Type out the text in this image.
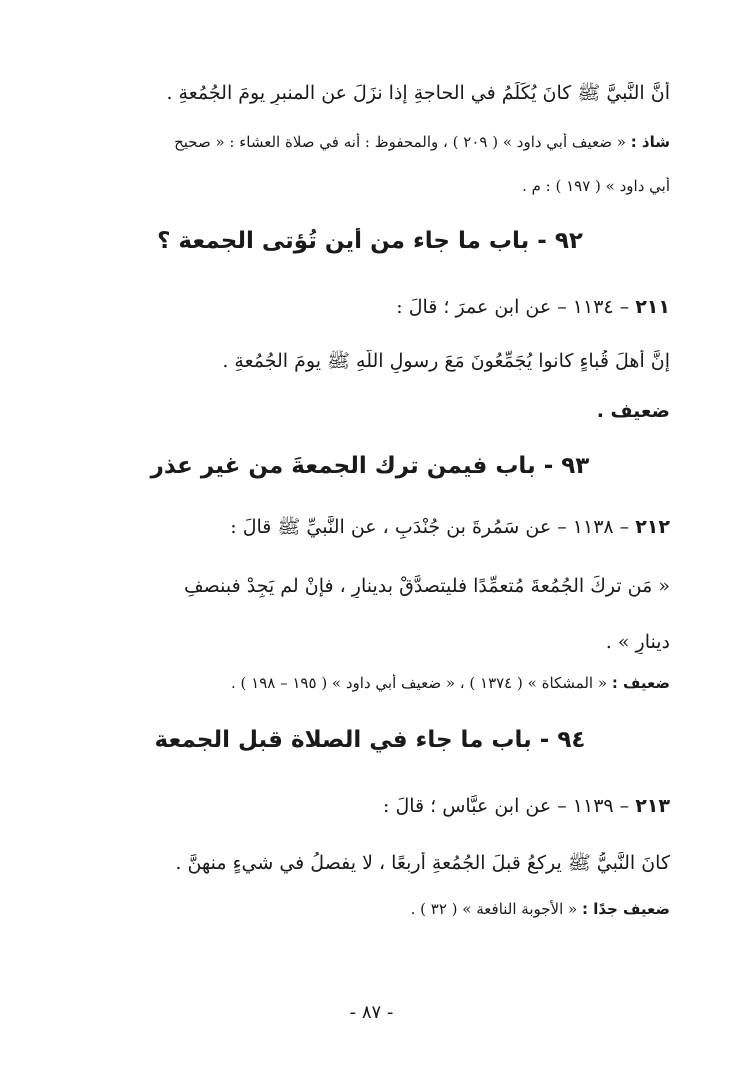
أنَّ النَّبيَّ ﷺ كانَ يُكَلِّمُ في الحاجةِ إذا نزَلَ عن المنبرِ يومَ الجُمُعةِ .
شاذ : « ضعيف أبي داود » ( ٢٠٩ ) ، والمحفوظ : أنه في صلاة العشاء : « صحيح
أبي داود » ( ١٩٧ ) : م .
٩٢ - باب ما جاء من أين تُؤتى الجمعة ؟
٢١١ – ١١٣٤ – عن ابنِ عمرَ ؛ قالَ :
إنَّ أهلَ قُباءٍ كانوا يُجَمِّعُونَ مَعَ رسولِ اللَّهِ ﷺ يومَ الجُمُعةِ .
ضعيف .
٩٣ - باب فيمن ترك الجمعةَ من غير عذر
٢١٢ – ١١٣٨ – عن سَمُرةَ بنِ جُنْدَبٍ ، عن النَّبيِّ ﷺ قالَ :
« مَن تركَ الجُمُعةَ مُتعمِّدًا فليتصدَّقْ بدينارٍ ، فإنْ لم يَجِدْ فبنصفِ
دينارٍ » .
ضعيف : « المشكاة » ( ١٣٧٤ ) ، « ضعيف أبي داود » ( ١٩٥ – ١٩٨ ) .
٩٤ - باب ما جاء في الصلاة قبل الجمعة
٢١٣ – ١١٣٩ – عن ابنِ عبَّاسٍ ؛ قالَ :
كانَ النَّبيُّ ﷺ يركعُ قبلَ الجُمُعةِ أربعًا ، لا يفصلُ في شيءٍ منهنَّ .
ضعيف جدًا : « الأجوبة النافعة » ( ٣٢ ) .
- ٨٧ -
